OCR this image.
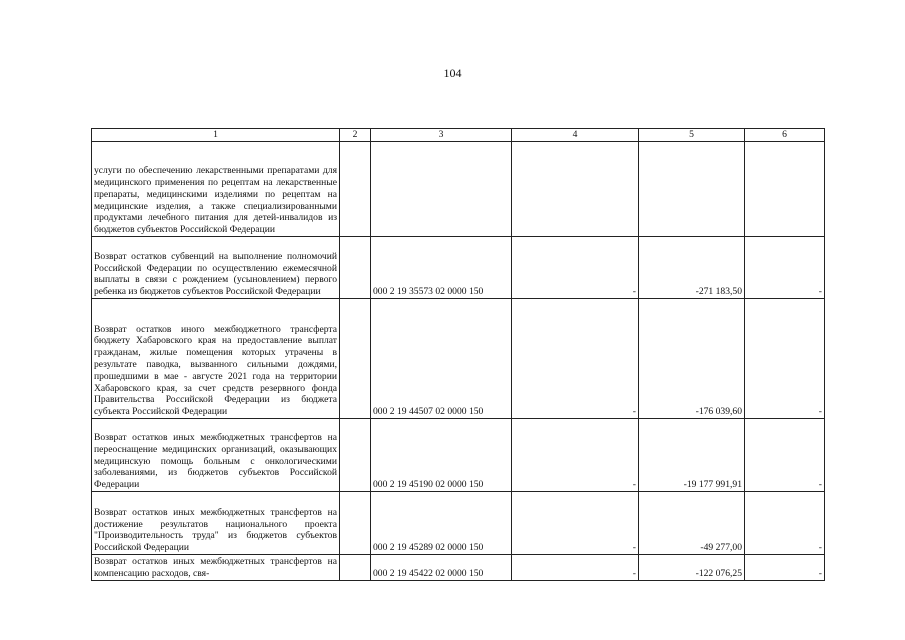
104
1	2	3	4	5	6
услуги по обеспечению лекарственными препаратами для медицинского применения по рецептам на лекарственные препараты, медицинскими изделиями по рецептам на медицинские изделия, а также специализированными продуктами лечебного питания для детей-инвалидов из бюджетов субъектов Российской Федерации					
Возврат остатков субвенций на выполнение полномочий Российской Федерации по осуществлению ежемесячной выплаты в связи с рождением (усыновлением) первого ребенка из бюджетов субъектов Российской Федерации		000 2 19 35573 02 0000 150	-	-271 183,50	-
Возврат остатков иного межбюджетного трансферта бюджету Хабаровского края на предоставление выплат гражданам, жилые помещения которых утрачены в результате паводка, вызванного сильными дождями, прошедшими в мае - августе 2021 года на территории Хабаровского края, за счет средств резервного фонда Правительства Российской Федерации из бюджета субъекта Российской Федерации		000 2 19 44507 02 0000 150	-	-176 039,60	-
Возврат остатков иных межбюджетных трансфертов на переоснащение медицинских организаций, оказывающих медицинскую помощь больным с онкологическими заболеваниями, из бюджетов субъектов Российской Федерации		000 2 19 45190 02 0000 150	-	-19 177 991,91	-
Возврат остатков иных межбюджетных трансфертов на достижение результатов национального проекта "Производительность труда" из бюджетов субъектов Российской Федерации		000 2 19 45289 02 0000 150	-	-49 277,00	-
Возврат остатков иных межбюджетных трансфертов на компенсацию расходов, свя-		000 2 19 45422 02 0000 150	-	-122 076,25	-
